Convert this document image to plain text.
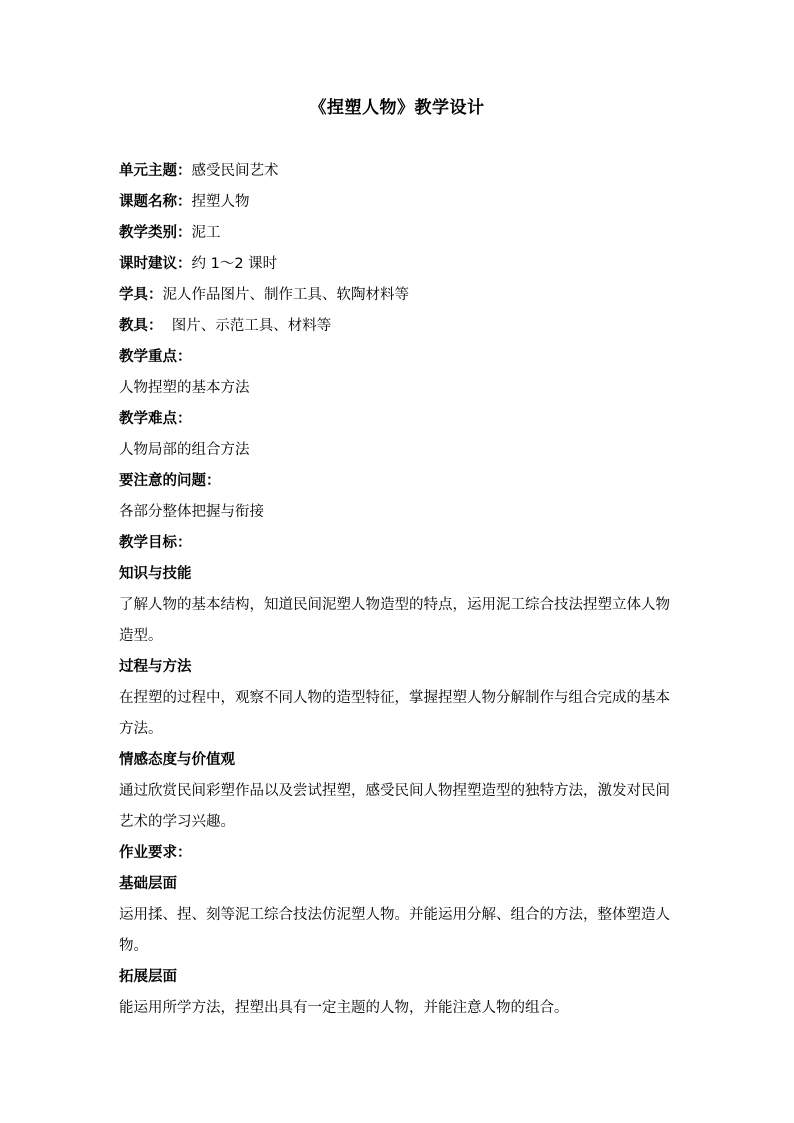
《捏塑人物》教学设计
单元主题：感受民间艺术
课题名称：捏塑人物
教学类别：泥工
课时建议：约 1～2 课时
学具：泥人作品图片、制作工具、软陶材料等
教具：  图片、示范工具、材料等
教学重点：
人物捏塑的基本方法
教学难点：
人物局部的组合方法
要注意的问题：
各部分整体把握与衔接
教学目标：
知识与技能
了解人物的基本结构，知道民间泥塑人物造型的特点，运用泥工综合技法捏塑立体人物造型。
过程与方法
在捏塑的过程中，观察不同人物的造型特征，掌握捏塑人物分解制作与组合完成的基本方法。
情感态度与价值观
通过欣赏民间彩塑作品以及尝试捏塑，感受民间人物捏塑造型的独特方法，激发对民间艺术的学习兴趣。
作业要求：
基础层面
运用揉、捏、刻等泥工综合技法仿泥塑人物。并能运用分解、组合的方法，整体塑造人物。
拓展层面
能运用所学方法，捏塑出具有一定主题的人物，并能注意人物的组合。
